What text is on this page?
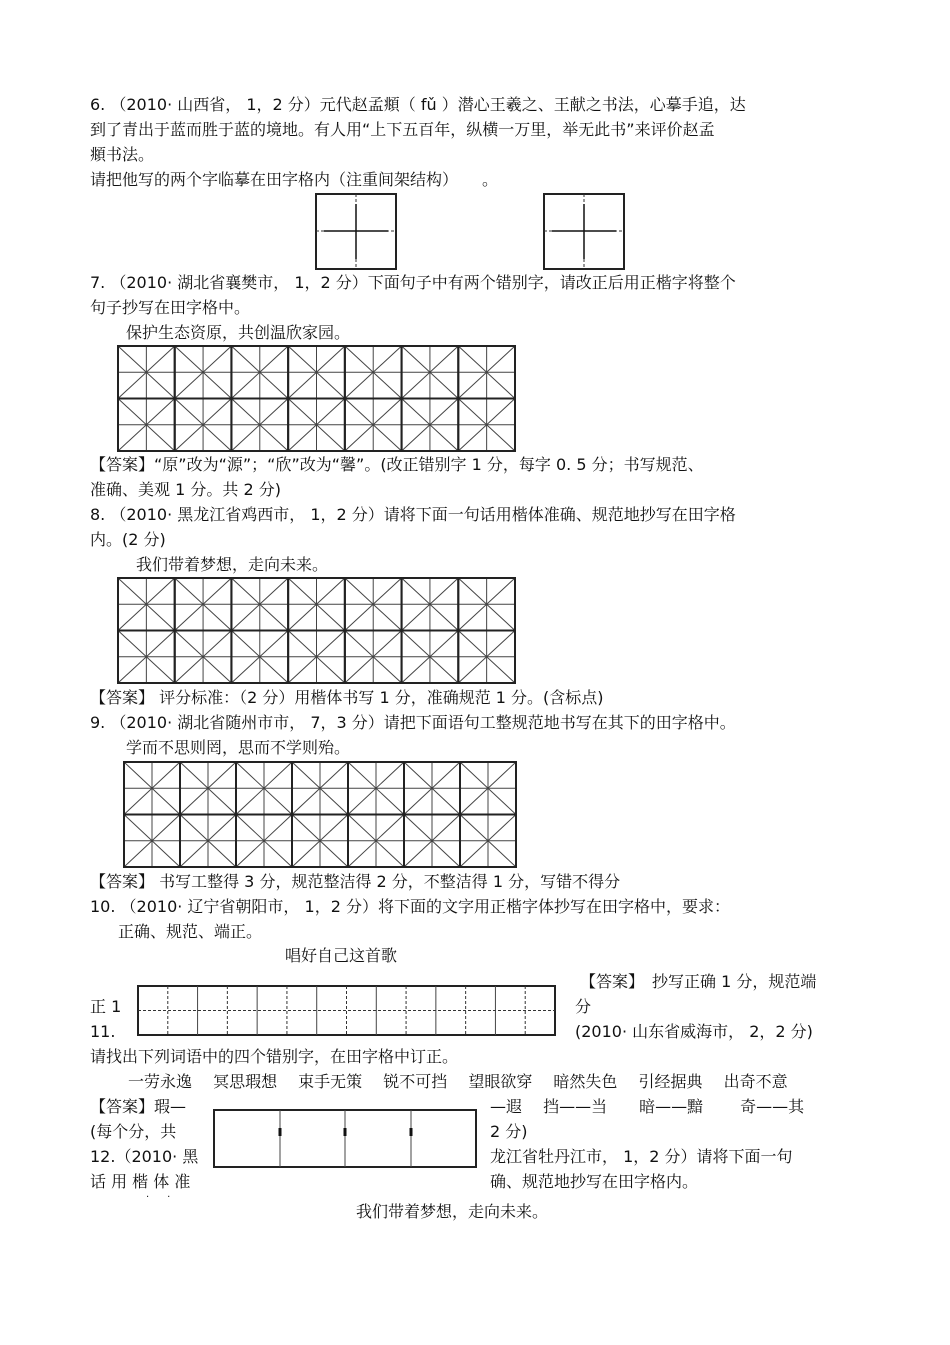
6. （2010· 山西省， 1，2 分）元代赵孟頫（ fǔ ）潜心王羲之、王献之书法，心摹手追，达
到了青出于蓝而胜于蓝的境地。有人用“上下五百年，纵横一万里，举无此书”来评价赵孟
頫书法。
请把他写的两个字临摹在田字格内（注重间架结构）　　。
7. （2010· 湖北省襄樊市， 1，2 分）下面句子中有两个错别字，请改正后用正楷字将整个
句子抄写在田字格中。
保护生态资原，共创温欣家园。
【答案】“原”改为“源”；“欣”改为“馨”。(改正错别字 1 分，每字 0. 5 分；书写规范、
准确、美观 1 分。共 2 分)
8. （2010· 黑龙江省鸡西市， 1，2 分）请将下面一句话用楷体准确、规范地抄写在田字格
内。(2 分)
我们带着梦想，走向未来。
【答案】 评分标准：（2 分）用楷体书写 1 分，准确规范 1 分。(含标点)
9. （2010· 湖北省随州市市， 7，3 分）请把下面语句工整规范地书写在其下的田字格中。
学而不思则罔，思而不学则殆。
【答案】 书写工整得 3 分，规范整洁得 2 分，不整洁得 1 分，写错不得分
10. （2010· 辽宁省朝阳市， 1，2 分）将下面的文字用正楷字体抄写在田字格中，要求：
正确、规范、端正。
唱好自己这首歌
【答案】　抄写正确 1 分，规范端
正 1	分
11.	(2010· 山东省威海市， 2，2 分)
请找出下列词语中的四个错别字，在田字格中订正。
一劳永逸　 冥思瑕想　 束手无策　 锐不可挡　 望眼欲穿　 暗然失色　 引经据典　 出奇不意
【答案】瑕—	—遐　 挡——当　　暗——黯　　 奇——其
(每个分，共	2 分)
12.（2010· 黑	龙江省牡丹江市， 1，2 分）请将下面一句
话 用 楷 体 准	确、规范地抄写在田字格内。
··
我们带着梦想，走向未来。
